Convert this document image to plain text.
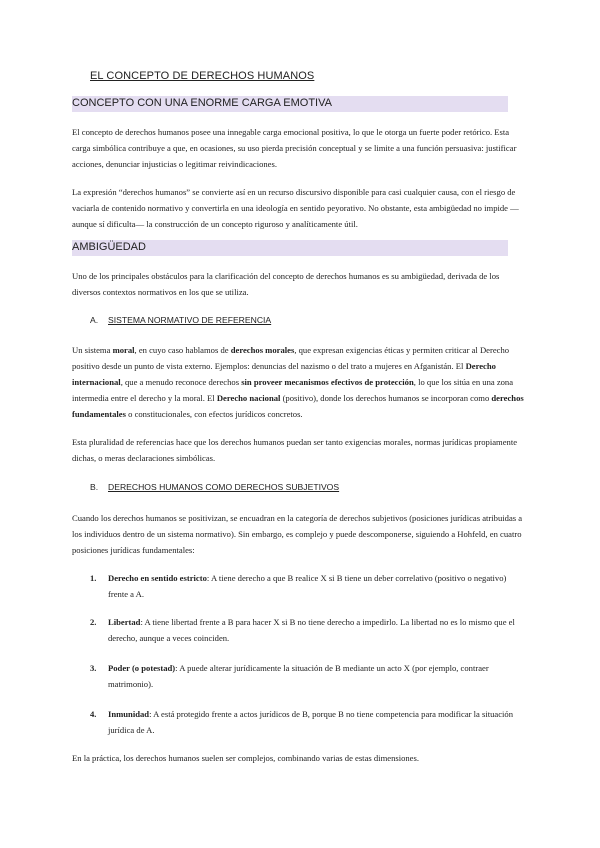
EL CONCEPTO DE DERECHOS HUMANOS
CONCEPTO CON UNA ENORME CARGA EMOTIVA
El concepto de derechos humanos posee una innegable carga emocional positiva, lo que le otorga un fuerte poder retórico. Esta carga simbólica contribuye a que, en ocasiones, su uso pierda precisión conceptual y se limite a una función persuasiva: justificar acciones, denunciar injusticias o legitimar reivindicaciones.
La expresión “derechos humanos” se convierte así en un recurso discursivo disponible para casi cualquier causa, con el riesgo de vaciarla de contenido normativo y convertirla en una ideología en sentido peyorativo. No obstante, esta ambigüedad no impide —aunque sí dificulta— la construcción de un concepto riguroso y analíticamente útil.
AMBIGÜEDAD
Uno de los principales obstáculos para la clarificación del concepto de derechos humanos es su ambigüedad, derivada de los diversos contextos normativos en los que se utiliza.
A. SISTEMA NORMATIVO DE REFERENCIA
Un sistema moral, en cuyo caso hablamos de derechos morales, que expresan exigencias éticas y permiten criticar al Derecho positivo desde un punto de vista externo. Ejemplos: denuncias del nazismo o del trato a mujeres en Afganistán. El Derecho internacional, que a menudo reconoce derechos sin proveer mecanismos efectivos de protección, lo que los sitúa en una zona intermedia entre el derecho y la moral. El Derecho nacional (positivo), donde los derechos humanos se incorporan como derechos fundamentales o constitucionales, con efectos jurídicos concretos.
Esta pluralidad de referencias hace que los derechos humanos puedan ser tanto exigencias morales, normas jurídicas propiamente dichas, o meras declaraciones simbólicas.
B. DERECHOS HUMANOS COMO DERECHOS SUBJETIVOS
Cuando los derechos humanos se positivizan, se encuadran en la categoría de derechos subjetivos (posiciones jurídicas atribuidas a los individuos dentro de un sistema normativo). Sin embargo, es complejo y puede descomponerse, siguiendo a Hohfeld, en cuatro posiciones jurídicas fundamentales:
1. Derecho en sentido estricto: A tiene derecho a que B realice X si B tiene un deber correlativo (positivo o negativo) frente a A.
2. Libertad: A tiene libertad frente a B para hacer X si B no tiene derecho a impedirlo. La libertad no es lo mismo que el derecho, aunque a veces coinciden.
3. Poder (o potestad): A puede alterar jurídicamente la situación de B mediante un acto X (por ejemplo, contraer matrimonio).
4. Inmunidad: A está protegido frente a actos jurídicos de B, porque B no tiene competencia para modificar la situación jurídica de A.
En la práctica, los derechos humanos suelen ser complejos, combinando varias de estas dimensiones.
